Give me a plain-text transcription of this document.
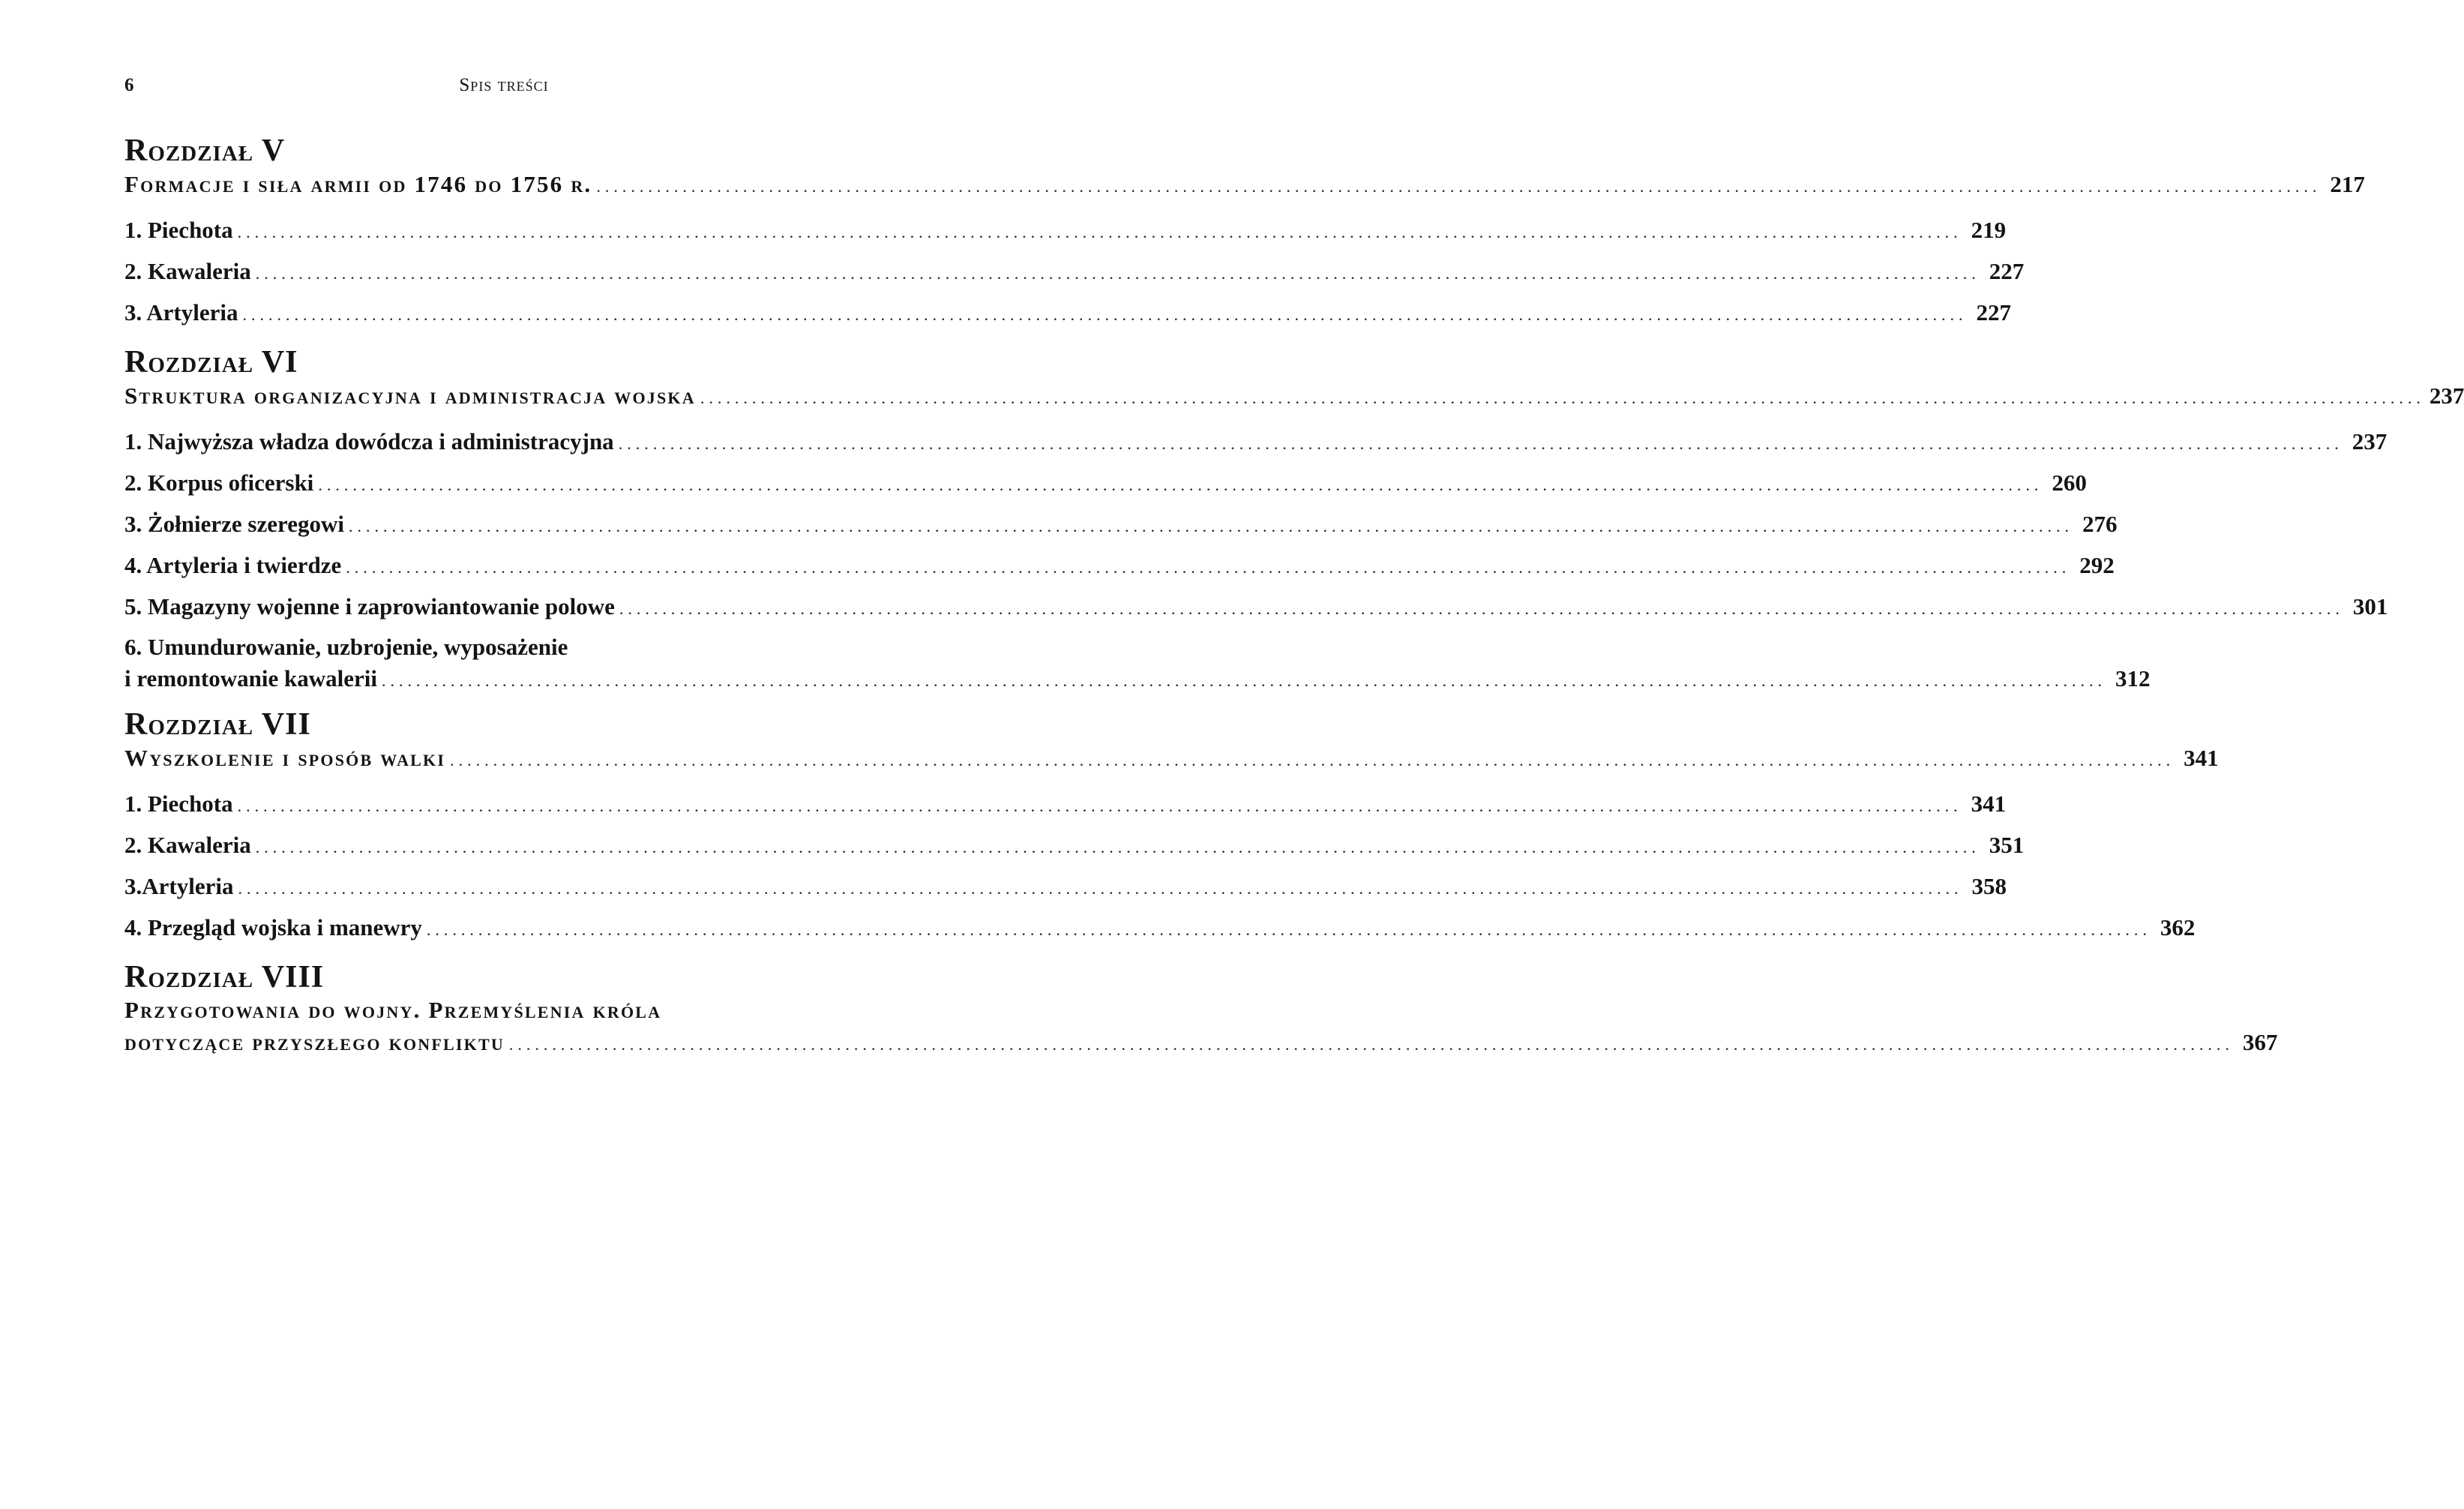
6	Spis treści
Rozdział V
Formacje i siła armii od 1746 do 1756 r. ........................................................................................................................................................................................................ 217
1. Piechota ........................................................................................................................................................................................................ 219
2. Kawaleria ........................................................................................................................................................................................................ 227
3. Artyleria ........................................................................................................................................................................................................ 227
Rozdział VI
Struktura organizacyjna i administracja wojska ........................................................................................................................................................................................................ 237
1. Najwyższa władza dowódcza i administracyjna ........................................................................................................................................................................................................ 237
2. Korpus oficerski ........................................................................................................................................................................................................ 260
3. Żołnierze szeregowi ........................................................................................................................................................................................................ 276
4. Artyleria i twierdze ........................................................................................................................................................................................................ 292
5. Magazyny wojenne i zaprowiantowanie polowe ........................................................................................................................................................................................................ 301
6. Umundurowanie, uzbrojenie, wyposażenie
i remontowanie kawalerii ........................................................................................................................................................................................................ 312
Rozdział VII
Wyszkolenie i sposób walki ........................................................................................................................................................................................................ 341
1. Piechota ........................................................................................................................................................................................................ 341
2. Kawaleria ........................................................................................................................................................................................................ 351
3.Artyleria ........................................................................................................................................................................................................ 358
4. Przegląd wojska i manewry ........................................................................................................................................................................................................ 362
Rozdział VIII
Przygotowania do wojny. Przemyślenia króla
dotyczące przyszłego konfliktu ........................................................................................................................................................................................................ 367
